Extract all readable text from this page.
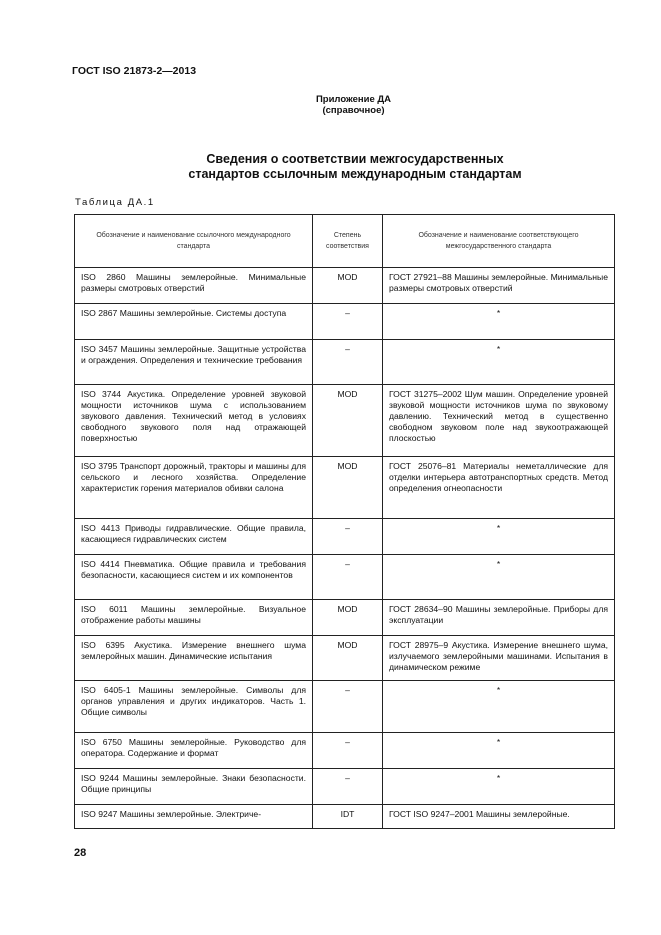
ГОСТ ISO 21873-2—2013
Приложение ДА
(справочное)
Сведения о соответствии межгосударственных
стандартов ссылочным международным стандартам
Таблица ДА.1
Обозначение и наименование ссылочного международного стандарта	Степень соответствия	Обозначение и наименование соответствующего межгосударственного стандарта
ISO 2860 Машины землеройные. Минимальные размеры смотровых отверстий	MOD	ГОСТ 27921–88 Машины землеройные. Минимальные размеры смотровых отверстий
ISO 2867 Машины землеройные. Системы доступа	–	*
ISO 3457 Машины землеройные. Защитные устройства и ограждения. Определения и технические требования	–	*
ISO 3744 Акустика. Определение уровней звуковой мощности источников шума с использованием звукового давления. Технический метод в условиях свободного звукового поля над отражающей поверхностью	MOD	ГОСТ 31275–2002 Шум машин. Определение уровней звуковой мощности источников шума по звуковому давлению. Технический метод в существенно свободном звуковом поле над звукоотражающей плоскостью
ISO 3795 Транспорт дорожный, тракторы и машины для сельского и лесного хозяйства. Определение характеристик горения материалов обивки салона	MOD	ГОСТ 25076–81 Материалы неметаллические для отделки интерьера автотранспортных средств. Метод определения огнеопасности
ISO 4413 Приводы гидравлические. Общие правила, касающиеся гидравлических систем	–	*
ISO 4414 Пневматика. Общие правила и требования безопасности, касающиеся систем и их компонентов	–	*
ISO 6011 Машины землеройные. Визуальное отображение работы машины	MOD	ГОСТ 28634–90 Машины землеройные. Приборы для эксплуатации
ISO 6395 Акустика. Измерение внешнего шума землеройных машин. Динамические испытания	MOD	ГОСТ 28975–9 Акустика. Измерение внешнего шума, излучаемого землеройными машинами. Испытания в динамическом режиме
ISO 6405-1 Машины землеройные. Символы для органов управления и других индикаторов. Часть 1. Общие символы	–	*
ISO 6750 Машины землеройные. Руководство для оператора. Содержание и формат	–	*
ISO 9244 Машины землеройные. Знаки безопасности. Общие принципы	–	*
ISO 9247 Машины землеройные. Электриче-	IDT	ГОСТ ISO 9247–2001 Машины землеройные.
28
